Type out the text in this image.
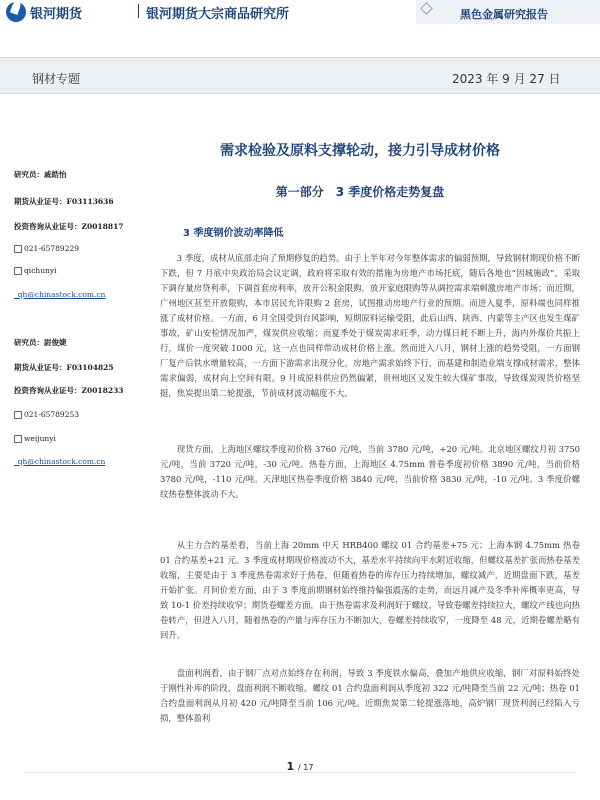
银河期货	银河期货大宗商品研究所	黑色金属研究报告
钢材专题	2023 年 9 月 27 日
需求检验及原料支撑轮动，接力引导成材价格
第一部分　3 季度价格走势复盘
3 季度钢价波动率降低
研究员：戚皓怡
期货从业证号：F03113636
投资咨询从业证号：Z0018817
021-65789229
qichunyi
_qh@chinastock.com.cn
研究员：尉俊婕
期货从业证号：F03104825
投资咨询从业证号：Z0018233
021-65789253
weijunyi
_qh@chinastock.com.cn

3 季度，成材从底部走向了预期修复的趋势。由于上半年对今年整体需求的偏弱预期，导致钢材期现价格不断下跌，但 7 月底中央政治局会议定调，政府将采取有效的措施为房地产市场托底，随后各地也“因城施政”，采取下调存量房贷利率，下调首套房利率，放开公积金限购，放开家庭限购等从调控需求端刺激房地产市场；而近期，广州地区甚至开放限购，本市居民允许限购 2 套房，试图推动房地产行业的预期。而进入夏季，原料端也同样推涨了成材价格。一方面，6 月全国受到台风影响，短期原料运输受阻，此后山西、陕西、内蒙等主产区也发生煤矿事故，矿山安检情况加严，煤炭供应收缩；而夏季处于煤炭需求旺季，动力煤日耗不断上升，海内外煤价共振上行，煤价一度突破 1000 元，这一点也同样带动成材价格上涨。然而进入八月，钢材上涨的趋势受阻，一方面钢厂复产后铁水增量较高，一方面下游需求出现分化，房地产需求始终下行，而基建和制造业端支撑成材需求，整体需求偏弱，成材向上空间有限。9 月成原料供应仍然偏紧，贵州地区又发生较大煤矿事故，导致煤炭现货价格坚挺，焦炭提出第二轮提涨，节前成材波动幅度不大。

现货方面，上海地区螺纹季度初价格 3760 元/吨，当前 3780 元/吨，+20 元/吨。北京地区螺纹月初 3750 元/吨，当前 3720 元/吨，-30 元/吨。热卷方面，上海地区 4.75mm 普卷季度初价格 3890 元/吨，当前价格 3780 元/吨，-110 元/吨。天津地区热卷季度价格 3840 元/吨，当前价格 3830 元/吨，-10 元/吨。3 季度价螺纹热卷整体波动不大。

从主力合约基差看，当前上海 20mm 中天 HRB400 螺纹 01 合约基差+75 元；上海本钢 4.75mm 热卷 01 合约基差+21 元。3 季度成材期现价格波动不大，基差水平持续向平水附近收缩，但螺纹基差扩张而热卷基差收缩，主要是由于 3 季度热卷需求好于热卷，但随着热卷的库存压力持续增加，螺纹减产，近期盘面下跌，基差开始扩张。月间价差方面，由于 3 季度前期钢材始终维持偏强震荡的走势，而远月减产及冬季补库概率更高，导致 10-1 价差持续收窄；期货卷螺差方面，由于热卷需求及利润好于螺纹，导致卷螺差持续拉大，螺纹产线也向热卷转产，但进入八月，随着热卷的产量与库存压力不断加大，卷螺差持续收窄，一度降至 48 元，近期卷螺差略有回升。

盘面利润看，由于钢厂点对点始终存在利润，导致 3 季度铁水偏高，叠加产地供应收缩，钢厂对原料始终处于刚性补库的阶段，盘面利润不断收缩。螺纹 01 合约盘面利润从季度初 322 元/吨降至当前 22 元/吨；热卷 01 合约盘面利润从月初 420 元/吨降至当前 106 元/吨。近期焦炭第二轮提涨落地，高炉钢厂现货利润已经陷入亏损，整体盈利

1 / 17
